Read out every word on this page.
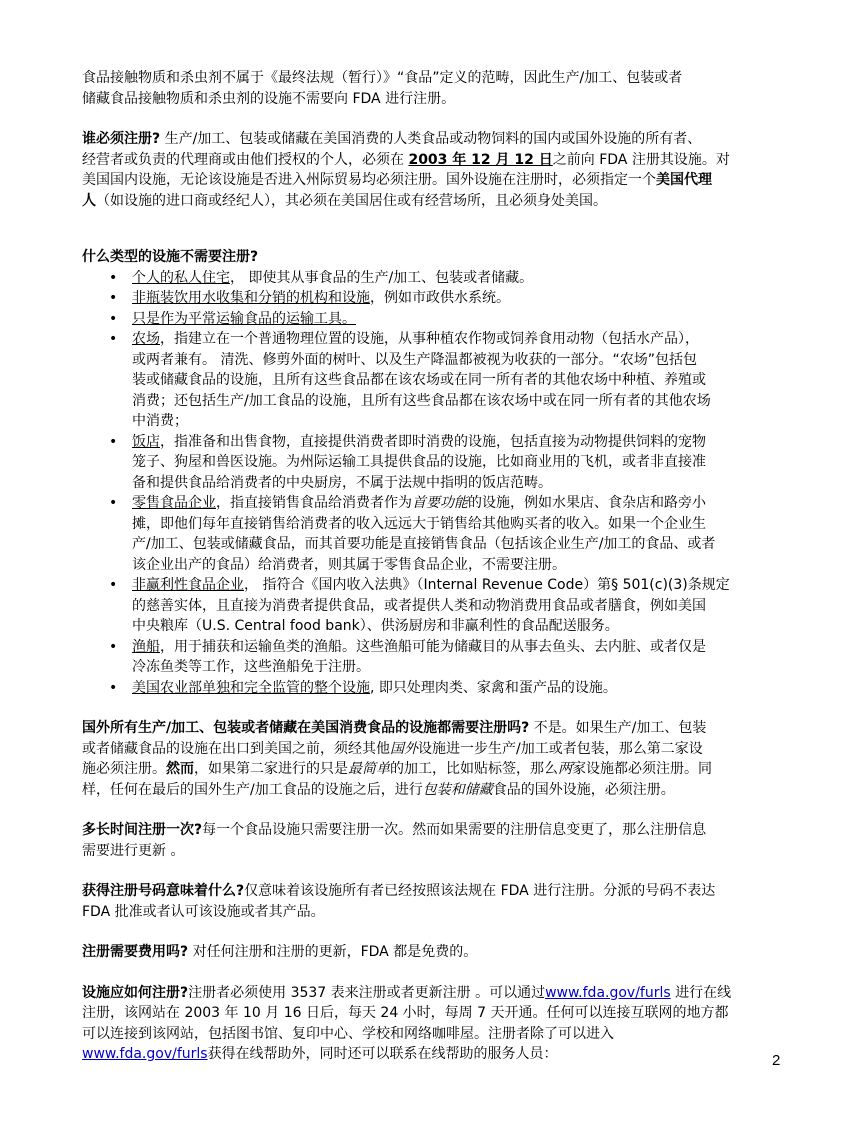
食品接触物质和杀虫剂不属于《最终法规（暂行）》“食品”定义的范畴，因此生产/加工、包装或者
储藏食品接触物质和杀虫剂的设施不需要向 FDA 进行注册。

谁必须注册? 生产/加工、包装或储藏在美国消费的人类食品或动物饲料的国内或国外设施的所有者、
经营者或负责的代理商或由他们授权的个人，必须在 2003 年 12 月 12 日之前向 FDA 注册其设施。对
美国国内设施，无论该设施是否进入州际贸易均必须注册。国外设施在注册时，必须指定一个美国代理
人（如设施的进口商或经纪人），其必须在美国居住或有经营场所，且必须身处美国。

什么类型的设施不需要注册?

• 个人的私人住宅， 即使其从事食品的生产/加工、包装或者储藏。
• 非瓶装饮用水收集和分销的机构和设施，例如市政供水系统。
• 只是作为平常运输食品的运输工具。
• 农场，指建立在一个普通物理位置的设施，从事种植农作物或饲养食用动物（包括水产品），
或两者兼有。 清洗、修剪外面的树叶、以及生产降温都被视为收获的一部分。“农场”包括包
装或储藏食品的设施，且所有这些食品都在该农场或在同一所有者的其他农场中种植、养殖或
消费；还包括生产/加工食品的设施，且所有这些食品都在该农场中或在同一所有者的其他农场
中消费；
• 饭店，指准备和出售食物，直接提供消费者即时消费的设施，包括直接为动物提供饲料的宠物
笼子、狗屋和兽医设施。为州际运输工具提供食品的设施，比如商业用的飞机，或者非直接准
备和提供食品给消费者的中央厨房，不属于法规中指明的饭店范畴。
• 零售食品企业，指直接销售食品给消费者作为首要功能的设施，例如水果店、食杂店和路旁小
摊，即他们每年直接销售给消费者的收入远远大于销售给其他购买者的收入。如果一个企业生
产/加工、包装或储藏食品，而其首要功能是直接销售食品（包括该企业生产/加工的食品、或者
该企业出产的食品）给消费者，则其属于零售食品企业，不需要注册。
• 非赢利性食品企业， 指符合《国内收入法典》（Internal Revenue Code）第§ 501(c)(3)条规定
的慈善实体，且直接为消费者提供食品，或者提供人类和动物消费用食品或者膳食，例如美国
中央粮库（U.S. Central food bank）、供汤厨房和非赢利性的食品配送服务。
• 渔船，用于捕获和运输鱼类的渔船。这些渔船可能为储藏目的从事去鱼头、去内脏、或者仅是
冷冻鱼类等工作，这些渔船免于注册。
• 美国农业部单独和完全监管的整个设施, 即只处理肉类、家禽和蛋产品的设施。

国外所有生产/加工、包装或者储藏在美国消费食品的设施都需要注册吗? 不是。如果生产/加工、包装
或者储藏食品的设施在出口到美国之前，须经其他国外设施进一步生产/加工或者包装，那么第二家设
施必须注册。然而，如果第二家进行的只是最简单的加工，比如贴标签，那么两家设施都必须注册。同
样，任何在最后的国外生产/加工食品的设施之后，进行包装和储藏食品的国外设施，必须注册。

多长时间注册一次?每一个食品设施只需要注册一次。然而如果需要的注册信息变更了，那么注册信息
需要进行更新 。

获得注册号码意味着什么?仅意味着该设施所有者已经按照该法规在 FDA 进行注册。分派的号码不表达
FDA 批准或者认可该设施或者其产品。

注册需要费用吗? 对任何注册和注册的更新，FDA 都是免费的。

设施应如何注册?注册者必须使用 3537 表来注册或者更新注册 。可以通过www.fda.gov/furls 进行在线
注册，该网站在 2003 年 10 月 16 日后，每天 24 小时，每周 7 天开通。任何可以连接互联网的地方都
可以连接到该网站，包括图书馆、复印中心、学校和网络咖啡屋。注册者除了可以进入
www.fda.gov/furls获得在线帮助外，同时还可以联系在线帮助的服务人员：	2
